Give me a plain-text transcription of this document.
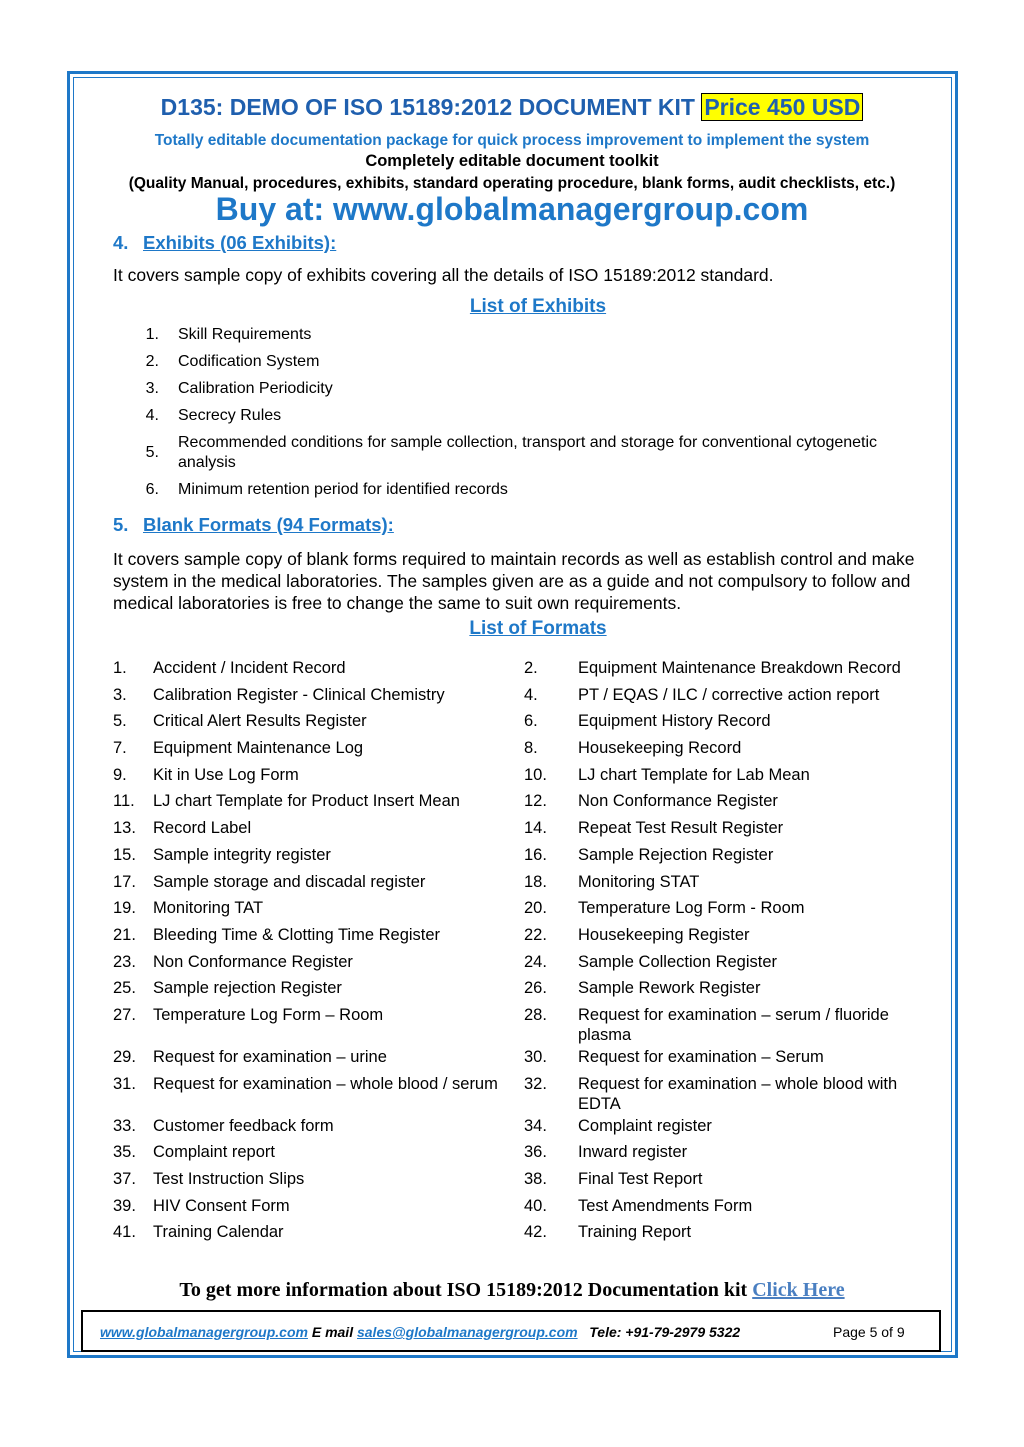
D135: DEMO OF ISO 15189:2012 DOCUMENT KIT Price 450 USD
Totally editable documentation package for quick process improvement to implement the system
Completely editable document toolkit
(Quality Manual, procedures, exhibits, standard operating procedure, blank forms, audit checklists, etc.)
Buy at: www.globalmanagergroup.com
4. Exhibits (06 Exhibits):
It covers sample copy of exhibits covering all the details of ISO 15189:2012 standard.
List of Exhibits
1.	Skill Requirements
2.	Codification System
3.	Calibration Periodicity
4.	Secrecy Rules
5.
Recommended conditions for sample collection, transport and storage for conventional cytogenetic analysis
6.	Minimum retention period for identified records
5. Blank Formats (94 Formats):
It covers sample copy of blank forms required to maintain records as well as establish control and make system in the medical laboratories. The samples given are as a guide and not compulsory to follow and medical laboratories is free to change the same to suit own requirements.
List of Formats
1.	Accident / Incident Record	2.	Equipment Maintenance Breakdown Record
3.	Calibration Register - Clinical Chemistry	4.	PT / EQAS / ILC / corrective action report
5.	Critical Alert Results Register	6.	Equipment History Record
7.	Equipment Maintenance Log	8.	Housekeeping Record
9.	Kit in Use Log Form	10.	LJ chart Template for Lab Mean
11.	LJ chart Template for Product Insert Mean	12.	Non Conformance Register
13.	Record Label	14.	Repeat Test Result Register
15.	Sample integrity register	16.	Sample Rejection Register
17.	Sample storage and discadal register	18.	Monitoring STAT
19.	Monitoring TAT	20.	Temperature Log Form - Room
21.	Bleeding Time & Clotting Time Register	22.	Housekeeping Register
23.	Non Conformance Register	24.	Sample Collection Register
25.	Sample rejection Register	26.	Sample Rework Register
27.	Temperature Log Form – Room	28.	Request for examination – serum / fluoride plasma
29.	Request for examination – urine	30.	Request for examination – Serum
31.	Request for examination – whole blood / serum 32.	Request for examination – whole blood with EDTA
33.	Customer feedback form	34.	Complaint register
35.	Complaint report	36.	Inward register
37.	Test Instruction Slips	38.	Final Test Report
39.	HIV Consent Form	40.	Test Amendments Form
41.	Training Calendar	42.	Training Report
To get more information about ISO 15189:2012 Documentation kit Click Here
www.globalmanagergroup.com E mail sales@globalmanagergroup.com Tele: +91-79-2979 5322	Page 5 of 9
